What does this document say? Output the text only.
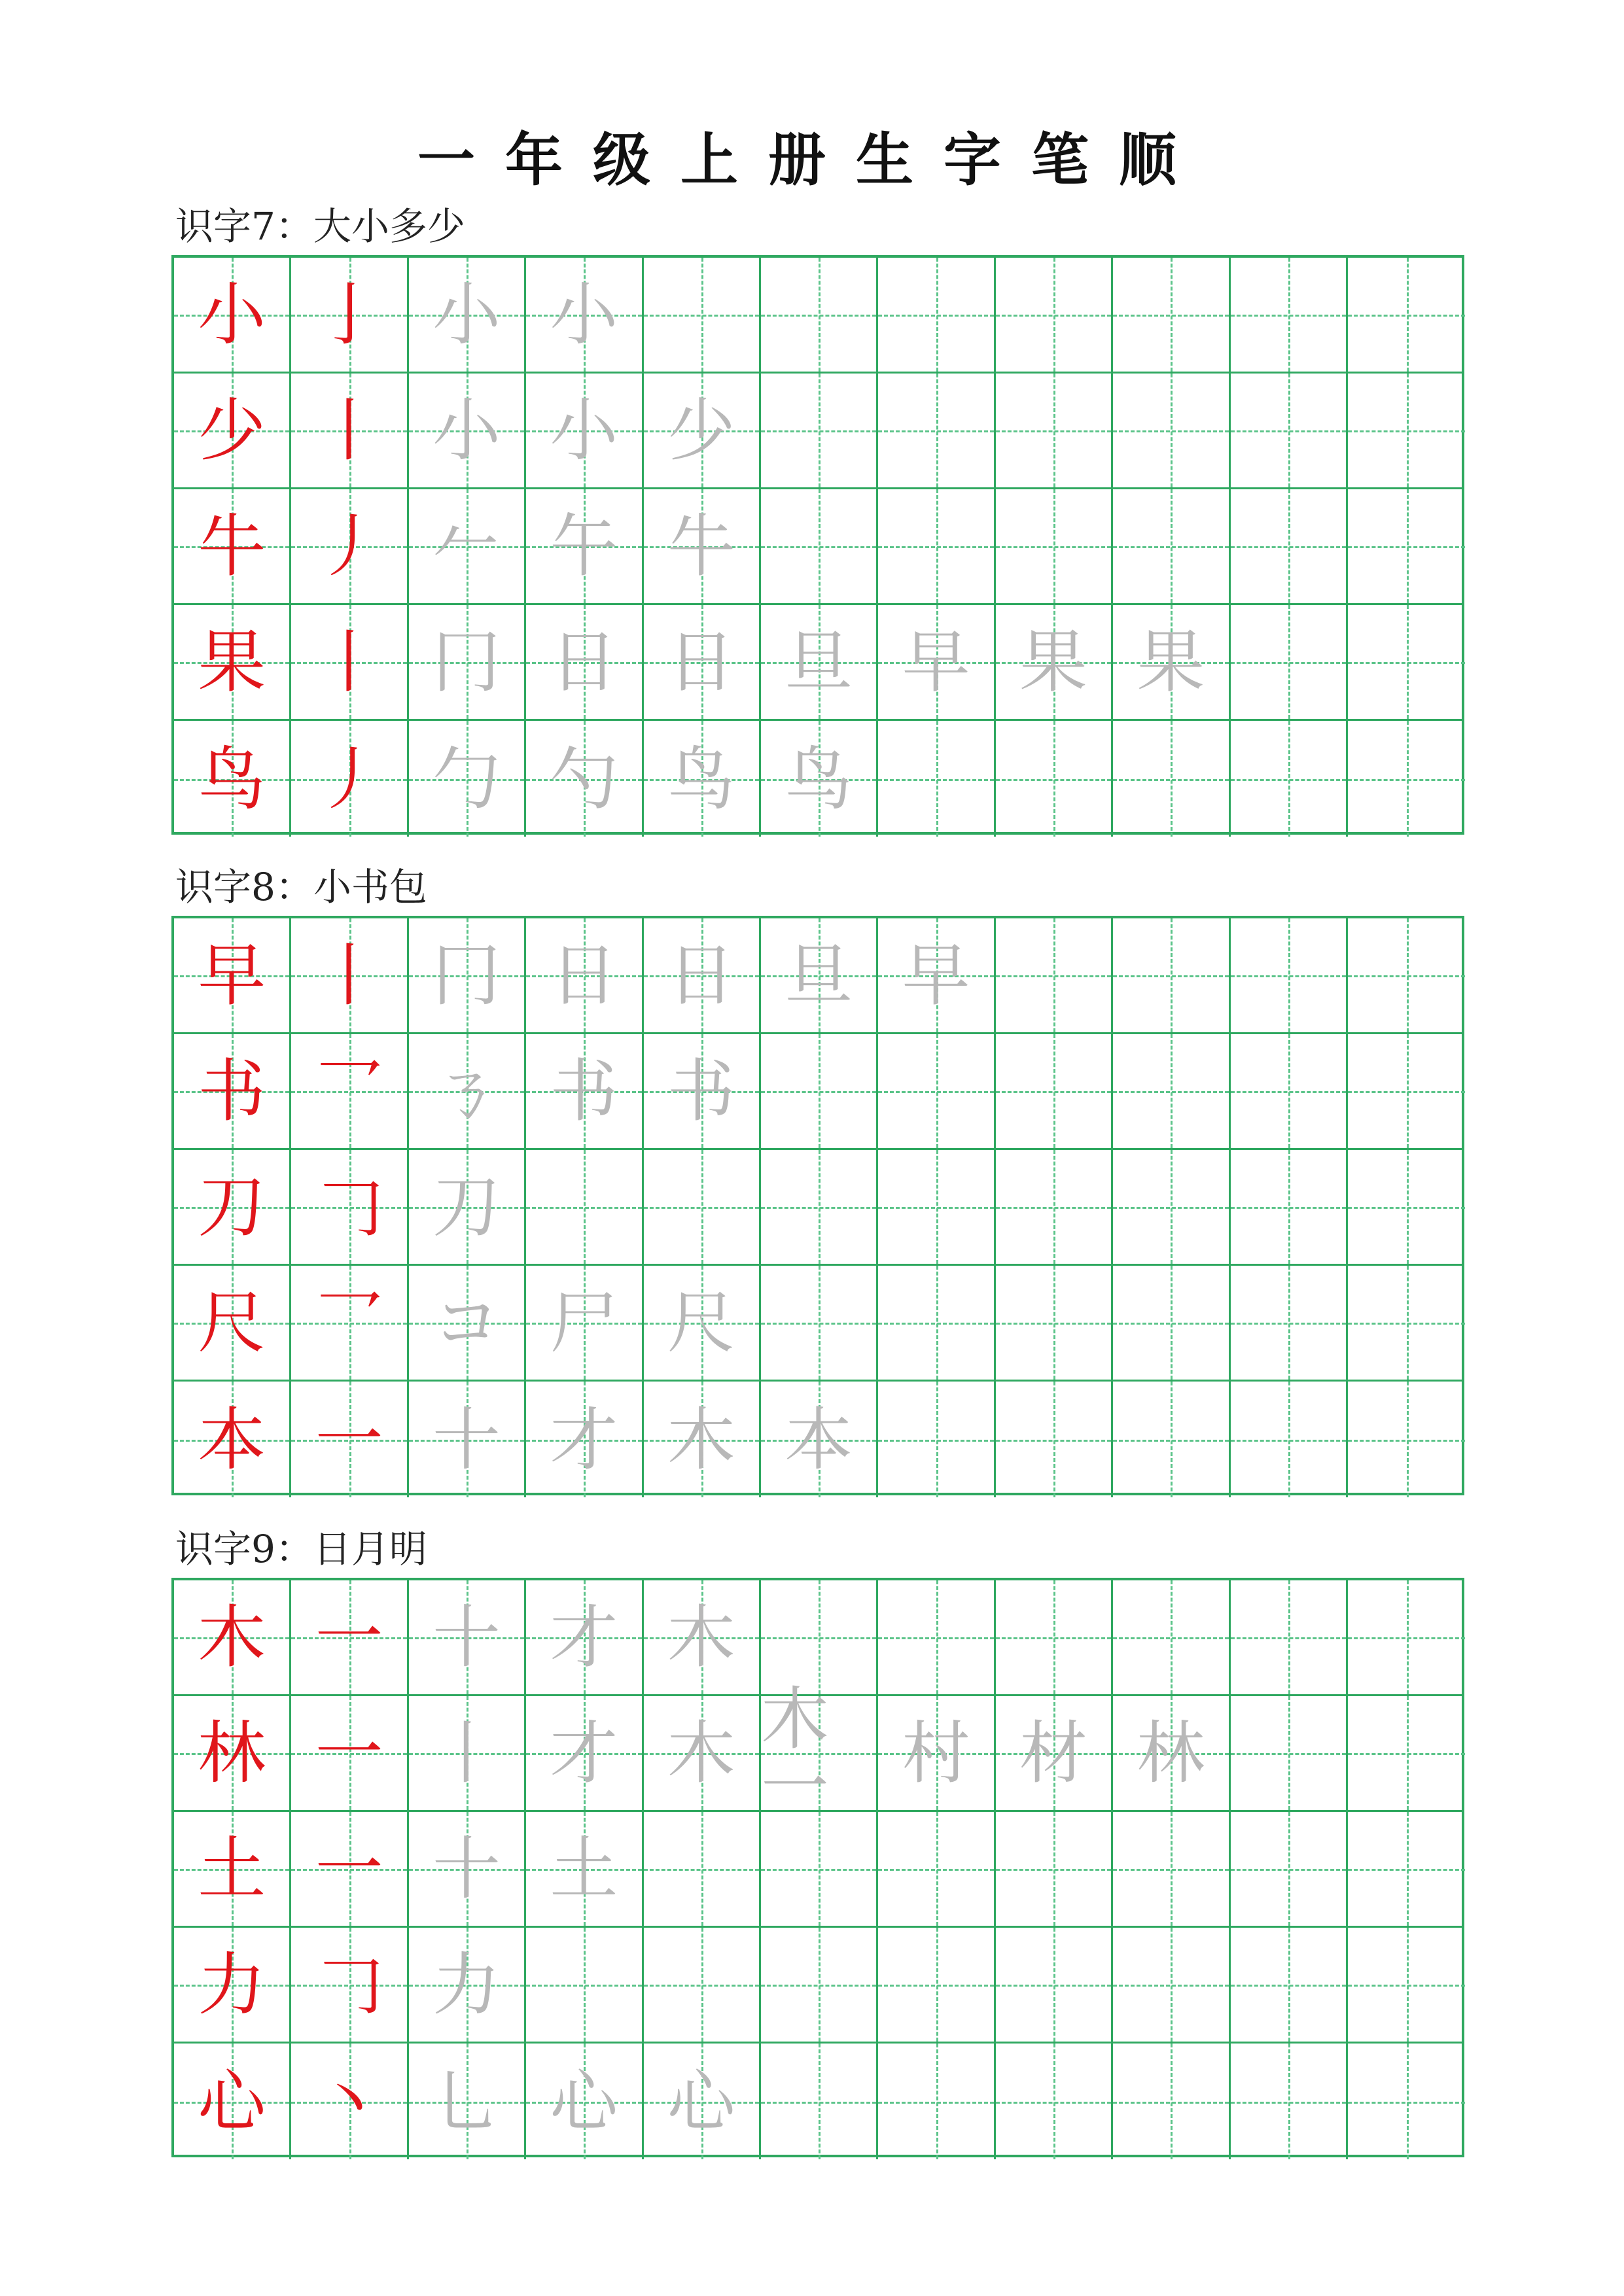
一年级上册生字笔顺
识字7：大小多少
小 亅 小 小
少 丨 小 小 少
牛 丿 𠂉 午 牛
果 丨 冂 日 日 旦 早 果 果
鸟 丿 勹 勺 鸟 鸟
识字8：小书包
早 丨 冂 日 日 旦 早
书 乛 ㄋ 书 书
刀 𠃌 刀
尺 乛 コ 尸 尺
本 一 十 才 木 本
识字9：日月明
木 一 十 才 木
林 一 丨 才 木 木一	村 材 林
土 一 十 土
力 𠃌 力
心 丶 乚 心 心
